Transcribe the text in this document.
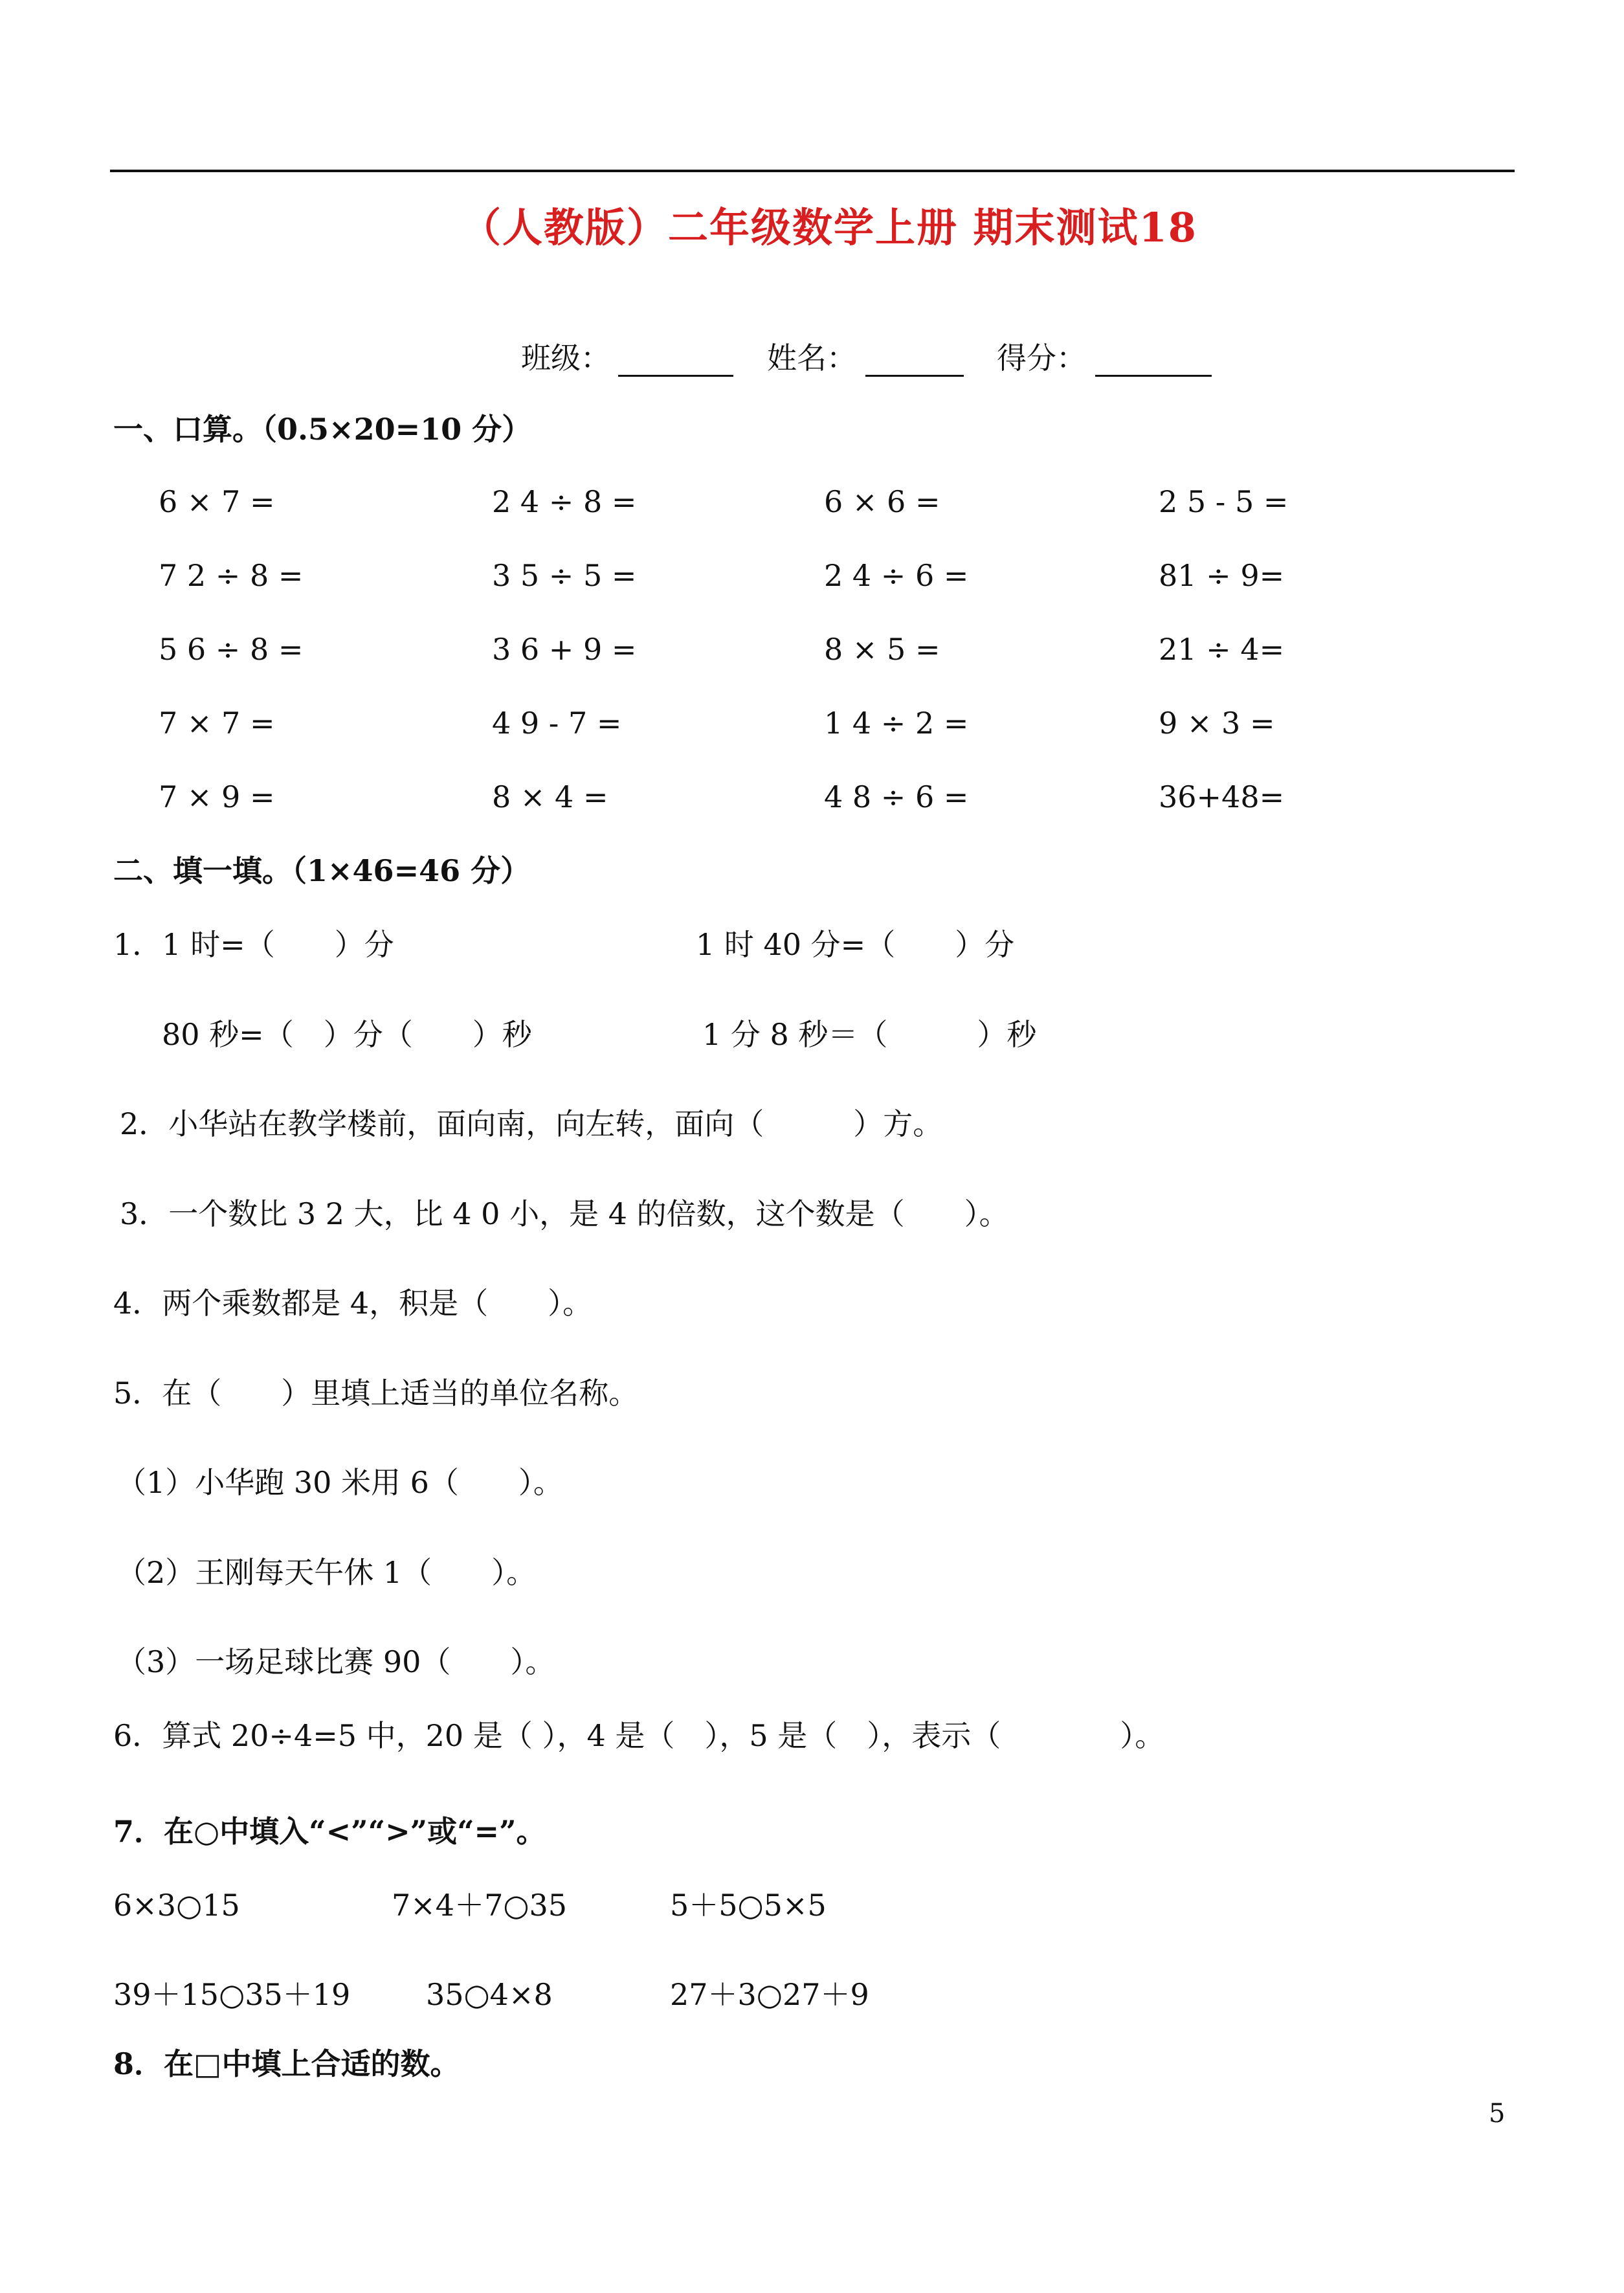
（人教版）二年级数学上册 期末测试18
班级：	姓名：	得分：
一、口算。（0.5×20=10 分）
6 × 7 =	2 4 ÷ 8 =	6 × 6 =	2 5 - 5 =
7 2 ÷ 8 =	3 5 ÷ 5 =	2 4 ÷ 6 =	81 ÷ 9=
5 6 ÷ 8 =	3 6 + 9 =	8 × 5 =	21 ÷ 4=
7 × 7 =	4 9 - 7 =	1 4 ÷ 2 =	9 × 3 =
7 × 9 =	8 × 4 =	4 8 ÷ 6 =	36+48=
二、填一填。（1×46=46 分）
1．1 时=（　　）分	1 时 40 分=（　　）分
80 秒=（　）分（　　）秒	1 分 8 秒＝（　　　）秒
2．小华站在教学楼前，面向南，向左转，面向（　　　）方。
3．一个数比 3 2 大，比 4 0 小，是 4 的倍数，这个数是（　　）。
4．两个乘数都是 4，积是（　　）。
5．在（　　）里填上适当的单位名称。
（1）小华跑 30 米用 6（　　）。
（2）王刚每天午休 1（　　）。
（3）一场足球比赛 90（　　）。
6．算式 20÷4=5 中，20 是（ ），4 是（　），5 是（　），表示（　　　　）。
7．在○中填入“<”“>”或“=”。
6×3○15	7×4＋7○35	5＋5○5×5
39＋15○35＋19	35○4×8	27＋3○27＋9
8．在□中填上合适的数。
5
